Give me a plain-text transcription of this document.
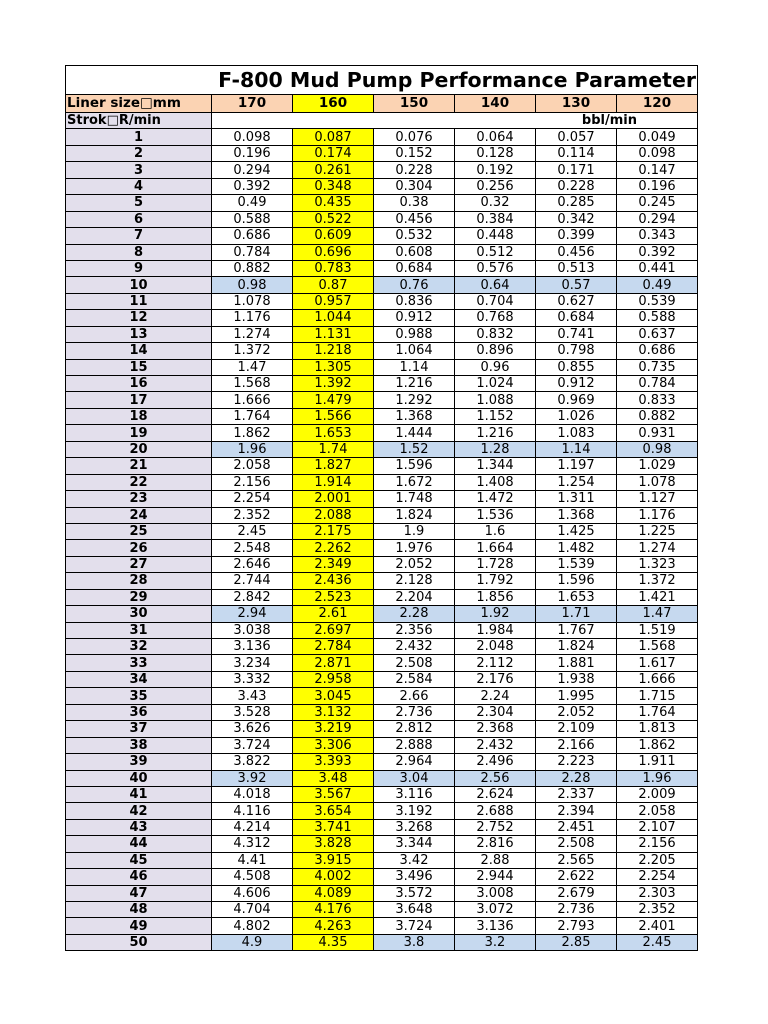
F-800 Mud Pump Performance Parameter
Liner size□mm	170	160	150	140	130	120
Strok□R/min	bbl/min					
1	0.098	0.087	0.076	0.064	0.057	0.049
2	0.196	0.174	0.152	0.128	0.114	0.098
3	0.294	0.261	0.228	0.192	0.171	0.147
4	0.392	0.348	0.304	0.256	0.228	0.196
5	0.49	0.435	0.38	0.32	0.285	0.245
6	0.588	0.522	0.456	0.384	0.342	0.294
7	0.686	0.609	0.532	0.448	0.399	0.343
8	0.784	0.696	0.608	0.512	0.456	0.392
9	0.882	0.783	0.684	0.576	0.513	0.441
10	0.98	0.87	0.76	0.64	0.57	0.49
11	1.078	0.957	0.836	0.704	0.627	0.539
12	1.176	1.044	0.912	0.768	0.684	0.588
13	1.274	1.131	0.988	0.832	0.741	0.637
14	1.372	1.218	1.064	0.896	0.798	0.686
15	1.47	1.305	1.14	0.96	0.855	0.735
16	1.568	1.392	1.216	1.024	0.912	0.784
17	1.666	1.479	1.292	1.088	0.969	0.833
18	1.764	1.566	1.368	1.152	1.026	0.882
19	1.862	1.653	1.444	1.216	1.083	0.931
20	1.96	1.74	1.52	1.28	1.14	0.98
21	2.058	1.827	1.596	1.344	1.197	1.029
22	2.156	1.914	1.672	1.408	1.254	1.078
23	2.254	2.001	1.748	1.472	1.311	1.127
24	2.352	2.088	1.824	1.536	1.368	1.176
25	2.45	2.175	1.9	1.6	1.425	1.225
26	2.548	2.262	1.976	1.664	1.482	1.274
27	2.646	2.349	2.052	1.728	1.539	1.323
28	2.744	2.436	2.128	1.792	1.596	1.372
29	2.842	2.523	2.204	1.856	1.653	1.421
30	2.94	2.61	2.28	1.92	1.71	1.47
31	3.038	2.697	2.356	1.984	1.767	1.519
32	3.136	2.784	2.432	2.048	1.824	1.568
33	3.234	2.871	2.508	2.112	1.881	1.617
34	3.332	2.958	2.584	2.176	1.938	1.666
35	3.43	3.045	2.66	2.24	1.995	1.715
36	3.528	3.132	2.736	2.304	2.052	1.764
37	3.626	3.219	2.812	2.368	2.109	1.813
38	3.724	3.306	2.888	2.432	2.166	1.862
39	3.822	3.393	2.964	2.496	2.223	1.911
40	3.92	3.48	3.04	2.56	2.28	1.96
41	4.018	3.567	3.116	2.624	2.337	2.009
42	4.116	3.654	3.192	2.688	2.394	2.058
43	4.214	3.741	3.268	2.752	2.451	2.107
44	4.312	3.828	3.344	2.816	2.508	2.156
45	4.41	3.915	3.42	2.88	2.565	2.205
46	4.508	4.002	3.496	2.944	2.622	2.254
47	4.606	4.089	3.572	3.008	2.679	2.303
48	4.704	4.176	3.648	3.072	2.736	2.352
49	4.802	4.263	3.724	3.136	2.793	2.401
50	4.9	4.35	3.8	3.2	2.85	2.45
